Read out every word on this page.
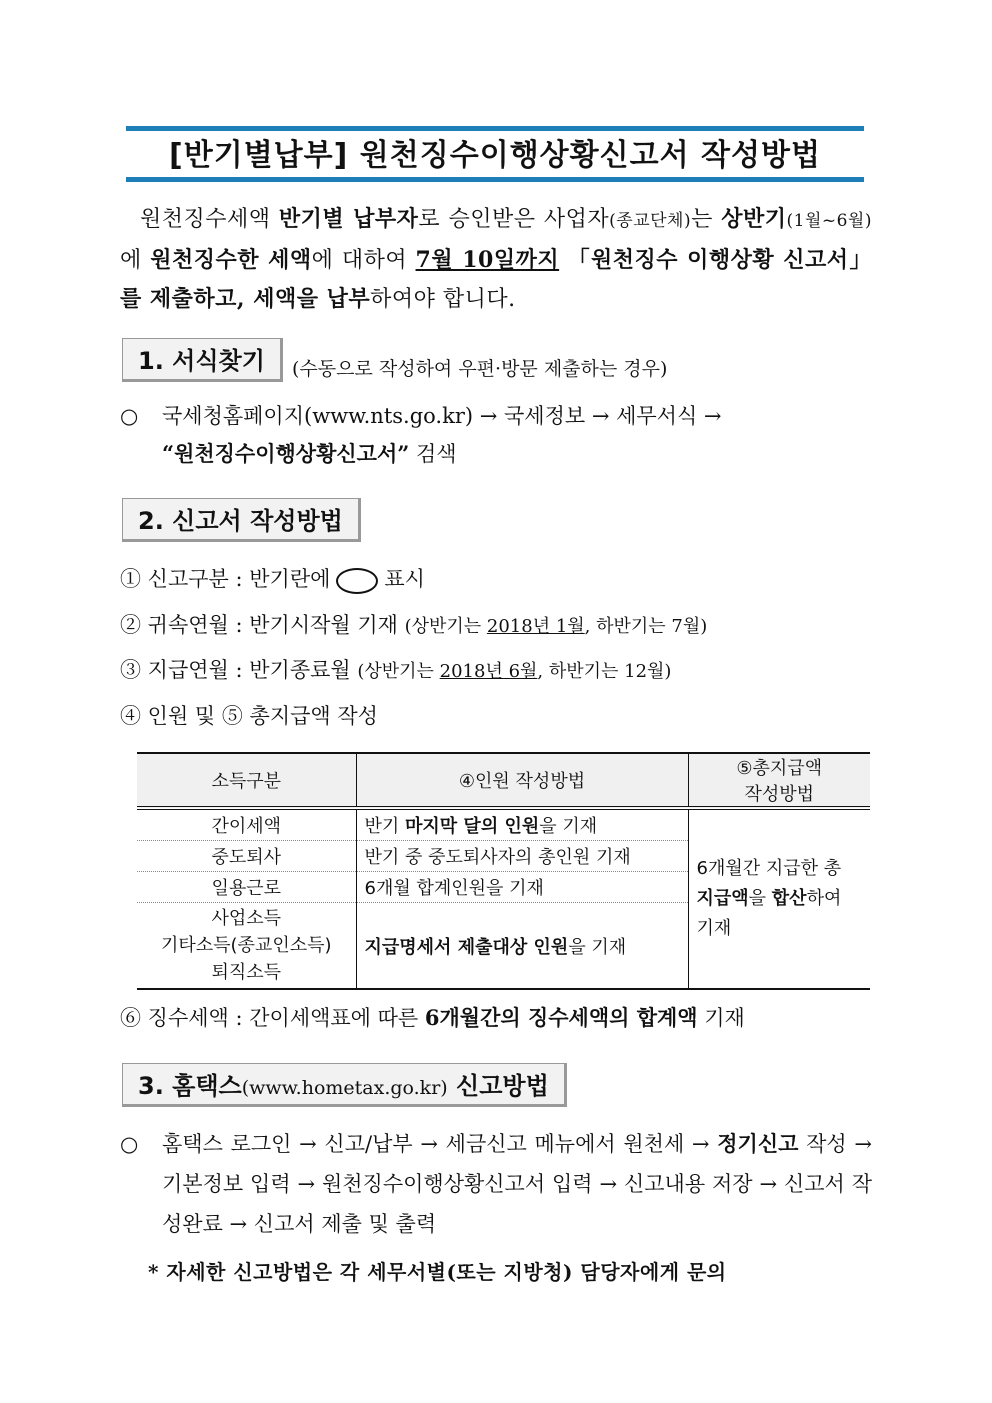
[반기별납부] 원천징수이행상황신고서 작성방법
원천징수세액 반기별 납부자로 승인받은 사업자(종교단체)는 상반기(1월~6월)에 원천징수한 세액에 대하여 7월 10일까지 「원천징수 이행상황 신고서」를 제출하고, 세액을 납부하여야 합니다.
1. 서식찾기	(수동으로 작성하여 우편·방문 제출하는 경우)
○	국세청홈페이지(www.nts.go.kr) → 국세정보 → 세무서식 →
“원천징수이행상황신고서” 검색
2. 신고서 작성방법
① 신고구분 : 반기란에 ○ 표시
② 귀속연월 : 반기시작월 기재 (상반기는 2018년 1월, 하반기는 7월)
③ 지급연월 : 반기종료월 (상반기는 2018년 6월, 하반기는 12월)
④ 인원 및 ⑤ 총지급액 작성
소득구분	④인원 작성방법	⑤총지급액
작성방법
간이세액	반기 마지막 달의 인원을 기재	6개월간 지급한 총
지급액을 합산하여
기재
중도퇴사	반기 중 중도퇴사자의 총인원 기재	
일용근로	6개월 합계인원을 기재	
사업소득
기타소득(종교인소득)
퇴직소득	지급명세서 제출대상 인원을 기재	
⑥ 징수세액 : 간이세액표에 따른 6개월간의 징수세액의 합계액 기재
3. 홈택스(www.hometax.go.kr) 신고방법
○	홈택스 로그인 → 신고/납부 → 세금신고 메뉴에서 원천세 → 정기신고 작성 → 기본정보 입력 → 원천징수이행상황신고서 입력 → 신고내용 저장 → 신고서 작성완료 → 신고서 제출 및 출력
* 자세한 신고방법은 각 세무서별(또는 지방청) 담당자에게 문의
